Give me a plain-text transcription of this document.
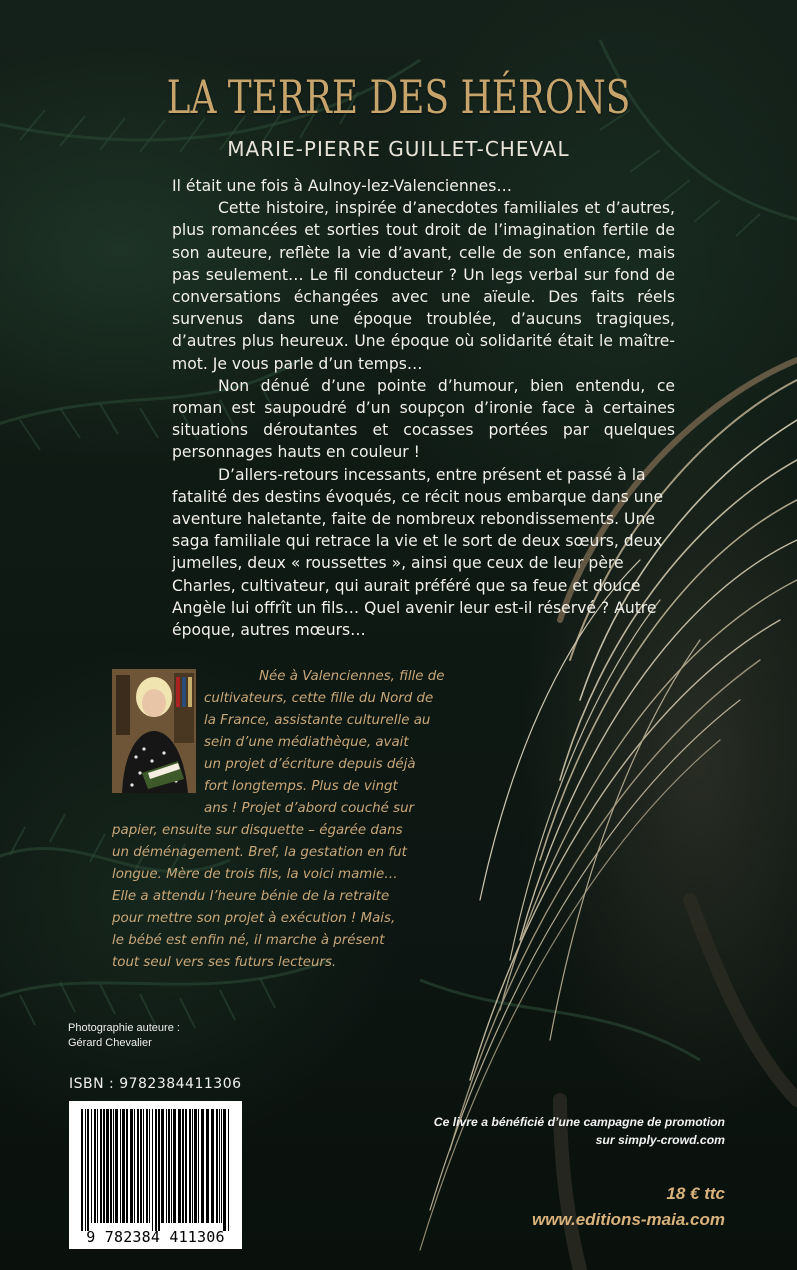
LA TERRE DES HÉRONS
MARIE-PIERRE GUILLET-CHEVAL

Il était une fois à Aulnoy-lez-Valenciennes…

Cette histoire, inspirée d’anecdotes familiales et d’autres, plus romancées et sorties tout droit de l’imagination fertile de son auteure, reflète la vie d’avant, celle de son enfance, mais pas seulement… Le fil conducteur ? Un legs verbal sur fond de conversations échangées avec une aïeule. Des faits réels survenus dans une époque troublée, d’aucuns tragiques, d’autres plus heureux. Une époque où solidarité était le maître-mot. Je vous parle d’un temps…

Non dénué d’une pointe d’humour, bien entendu, ce roman est saupoudré d’un soupçon d’ironie face à certaines situations déroutantes et cocasses portées par quelques personnages hauts en couleur !

D’allers-retours incessants, entre présent et passé à la fatalité des destins évoqués, ce récit nous embarque dans une aventure haletante, faite de nombreux rebondissements. Une saga familiale qui retrace la vie et le sort de deux sœurs, deux jumelles, deux « roussettes », ainsi que ceux de leur père Charles, cultivateur, qui aurait préféré que sa feue et douce Angèle lui offrît un fils… Quel avenir leur est-il réservé ? Autre époque, autres mœurs…

Née à Valenciennes, fille de
cultivateurs, cette fille du Nord de
la France, assistante culturelle au
sein d’une médiathèque, avait
un projet d’écriture depuis déjà
fort longtemps. Plus de vingt
ans ! Projet d’abord couché sur
papier, ensuite sur disquette – égarée dans
un déménagement. Bref, la gestation en fut
longue. Mère de trois fils, la voici mamie…
Elle a attendu l’heure bénie de la retraite
pour mettre son projet à exécution ! Mais,
le bébé est enfin né, il marche à présent
tout seul vers ses futurs lecteurs.
Photographie auteure :
Gérard Chevalier
ISBN : 9782384411306
9 782384 411306
Ce livre a bénéficié d’une campagne de promotion
sur simply-crowd.com
18 € ttc
www.editions-maia.com
